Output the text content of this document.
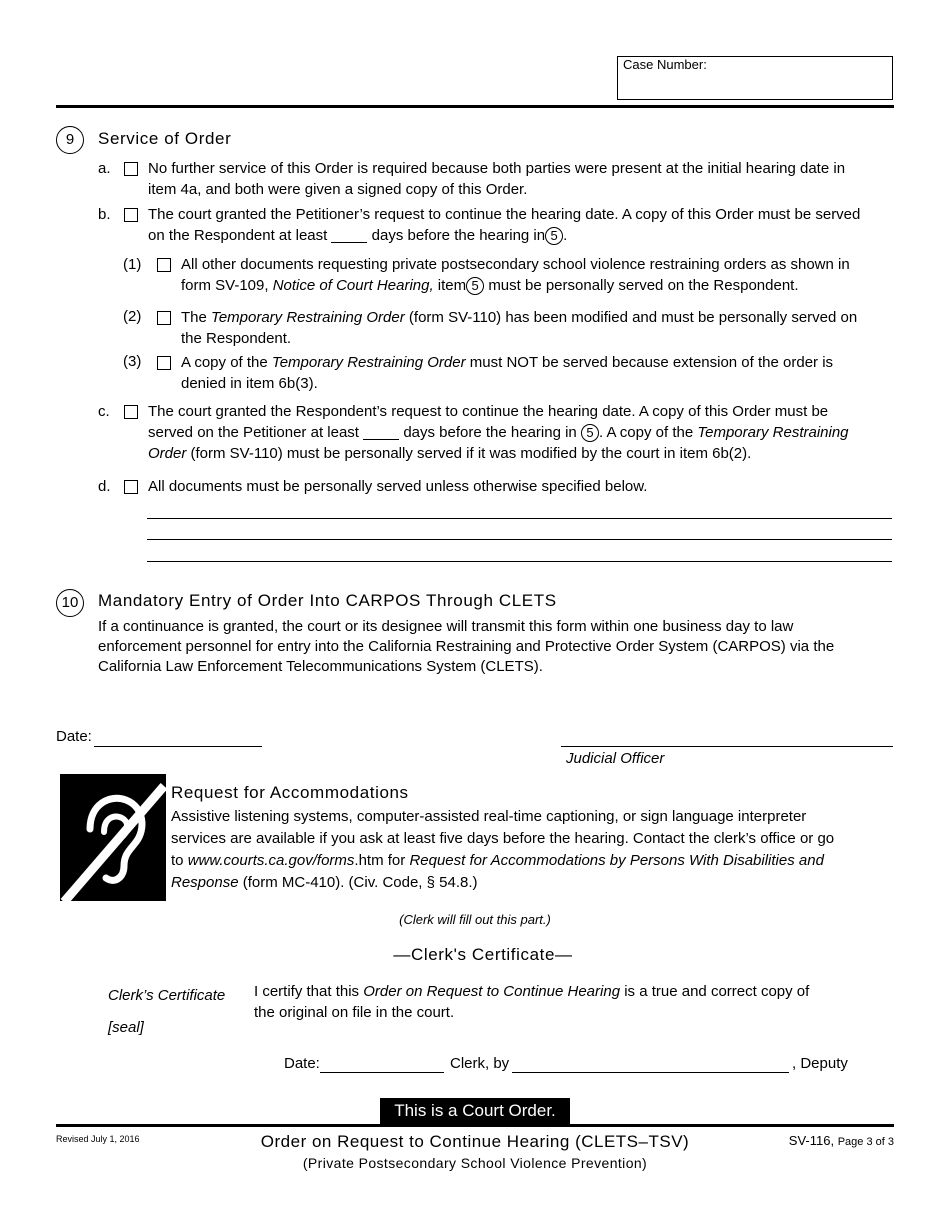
Case Number:
9	Service of Order
a. No further service of this Order is required because both parties were present at the initial hearing date in
item 4a, and both were given a signed copy of this Order.
b. The court granted the Petitioner’s request to continue the hearing date. A copy of this Order must be served
on the Respondent at least	days before the hearing in 5 .
(1)	All other documents requesting private postsecondary school violence restraining orders as shown in
form SV-109, Notice of Court Hearing, item 5 must be personally served on the Respondent.
(2)	The Temporary Restraining Order (form SV-110) has been modified and must be personally served on
the Respondent.
(3)	A copy of the Temporary Restraining Order must NOT be served because extension of the order is
denied in item 6b(3).
c.	The court granted the Respondent’s request to continue the hearing date. A copy of this Order must be
served on the Petitioner at least	days before the hearing in 5 . A copy of the Temporary Restraining
Order (form SV-110) must be personally served if it was modified by the court in item 6b(2).
d. All documents must be personally served unless otherwise specified below.
10	Mandatory Entry of Order Into CARPOS Through CLETS
If a continuance is granted, the court or its designee will transmit this form within one business day to law
enforcement personnel for entry into the California Restraining and Protective Order System (CARPOS) via the
California Law Enforcement Telecommunications System (CLETS).
Date:
Judicial Officer
Request for Accommodations
Assistive listening systems, computer-assisted real-time captioning, or sign language interpreter
services are available if you ask at least five days before the hearing. Contact the clerk’s office or go
to www.courts.ca.gov/forms.htm for Request for Accommodations by Persons With Disabilities and
Response (form MC-410). (Civ. Code, § 54.8.)
(Clerk will fill out this part.)
—Clerk's Certificate—
Clerk’s Certificate
[seal]
I certify that this Order on Request to Continue Hearing is a true and correct copy of
the original on file in the court.
Date:	Clerk, by	, Deputy
This is a Court Order.
Revised July 1, 2016	Order on Request to Continue Hearing (CLETS–TSV)
(Private Postsecondary School Violence Prevention)
SV-116, Page 3 of 3
